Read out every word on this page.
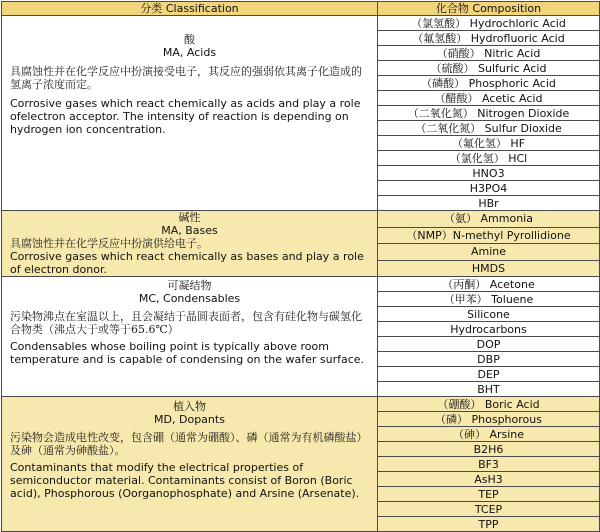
分类 Classification	化合物 Composition

酸
MA, Acids
具腐蚀性并在化学反应中扮演接受电子，其反应的强弱依其离子化造成的氢离子浓度而定。
Corrosive gases which react chemically as acids and play a role ofelectron acceptor. The intensity of reaction is depending on hydrogen ion concentration.	（氯氢酸） Hydrochloric Acid
	（氟氢酸） Hydrofluoric Acid
	（硝酸） Nitric Acid
	（硫酸） Sulfuric Acid
	（磷酸） Phosphoric Acid
	（醋酸） Acetic Acid
	（二氧化氮） Nitrogen Dioxide
	（二氧化氮） Sulfur Dioxide
	（氟化氢） HF
	（氯化氢） HCl
	HNO3
	H3PO4
	HBr

碱性
MA, Bases
具腐蚀性并在化学反应中扮演供给电子。
Corrosive gases which react chemically as bases and play a role of electron donor.	（氨） Ammonia
	（NMP）N-methyl Pyrollidione
	Amine
	HMDS

可凝结物
MC, Condensables
污染物沸点在室温以上，且会凝结于晶圆表面者，包含有硅化物与碳氢化合物类（沸点大于或等于65.6℃）
Condensables whose boiling point is typically above room temperature and is capable of condensing on the wafer surface.	（丙酮） Acetone
	（甲苯） Toluene
	Silicone
	Hydrocarbons
	DOP
	DBP
	DEP
	BHT

植入物
MD, Dopants
污染物会造成电性改变，包含硼（通常为硼酸）、磷（通常为有机磷酸盐）及砷（通常为砷酸盐）。
Contaminants that modify the electrical properties of semiconductor material. Contaminants consist of Boron (Boric acid), Phosphorous (Oorganophosphate) and Arsine (Arsenate).	（硼酸） Boric Acid
	（磷） Phosphorous
	（砷） Arsine
	B2H6
	BF3
	AsH3
	TEP
	TCEP
	TPP
